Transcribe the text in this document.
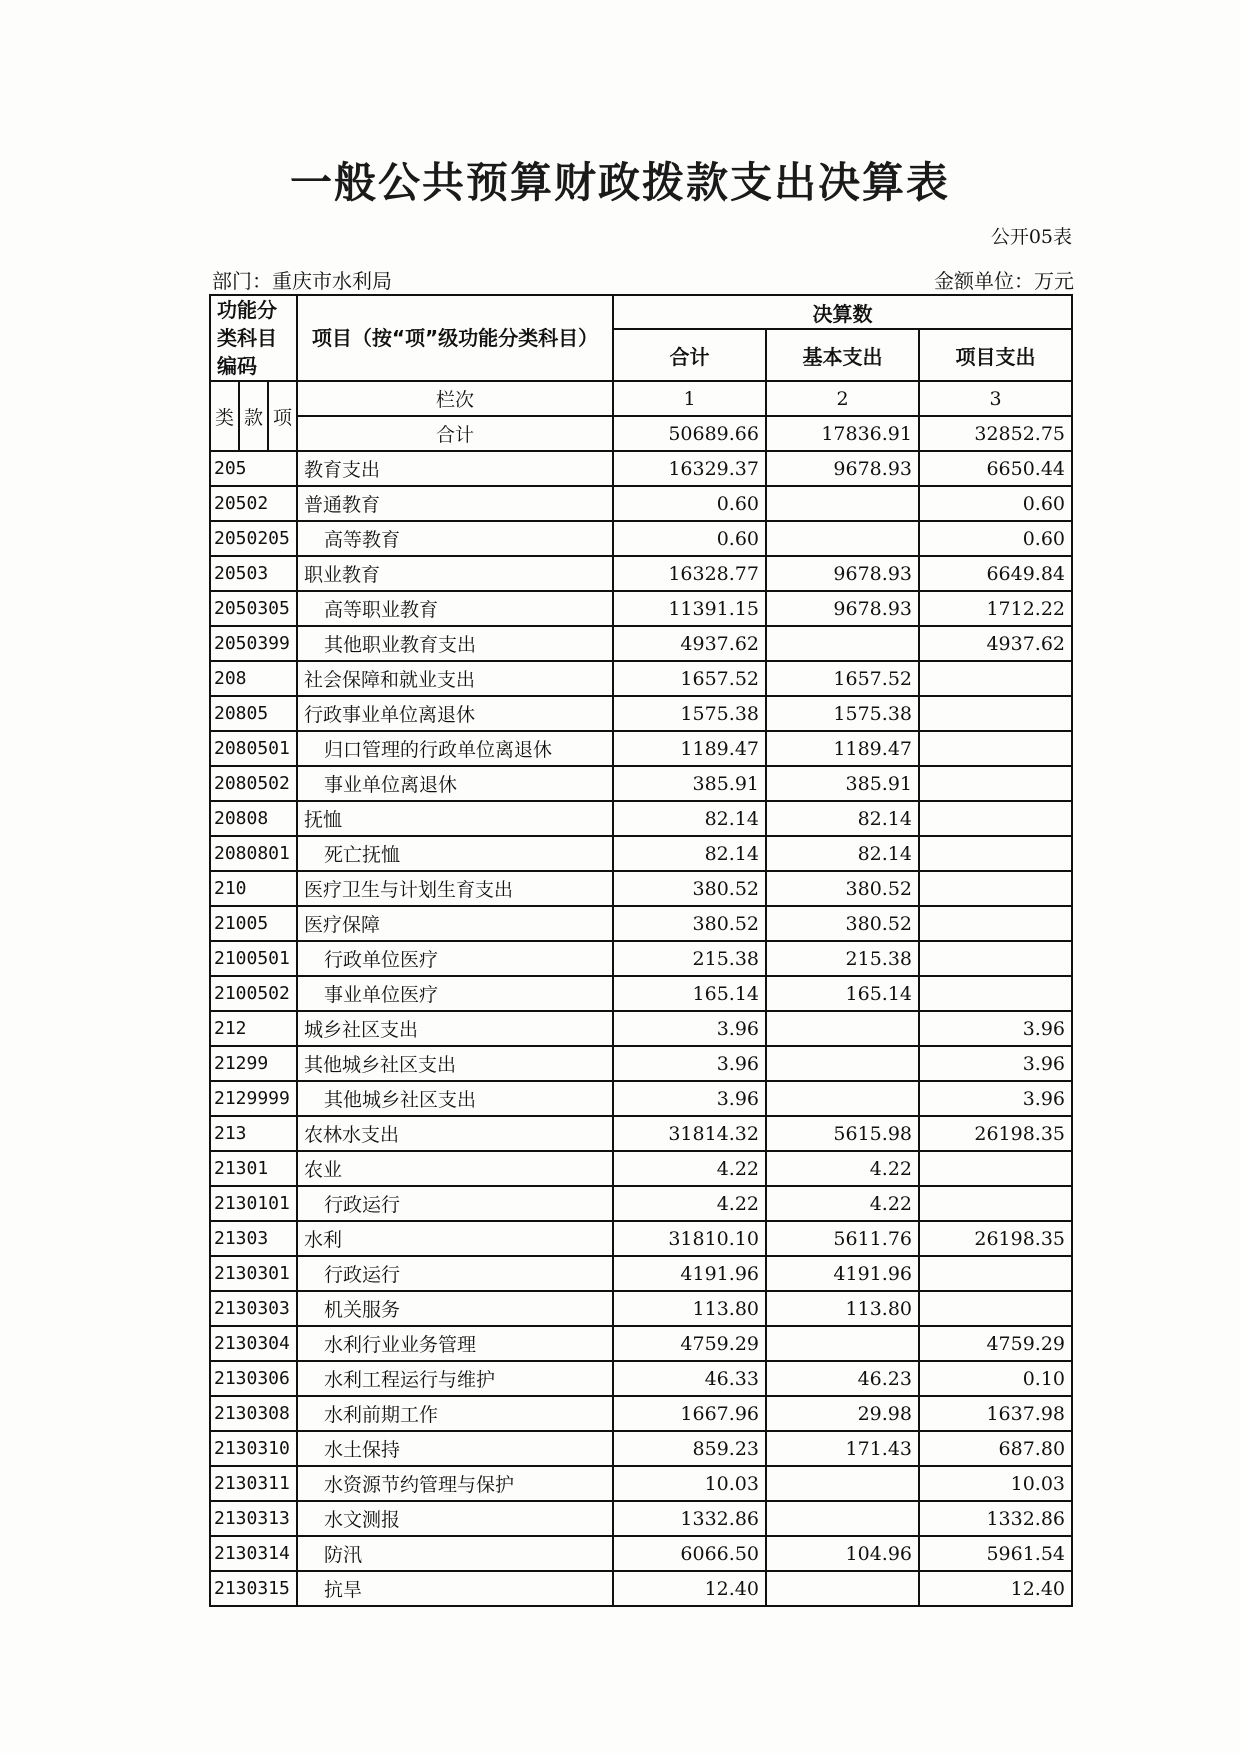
一般公共预算财政拨款支出决算表
公开05表
部门：重庆市水利局	金额单位：万元
功能分类科目编码			项目（按“项”级功能分类科目）	决算数		
				合计	基本支出	项目支出
类	款	项	栏次	1	2	3
			合计	50689.66	17836.91	32852.75
205			教育支出	16329.37	9678.93	6650.44
20502			普通教育	0.60		0.60
2050205			高等教育	0.60		0.60
20503			职业教育	16328.77	9678.93	6649.84
2050305			高等职业教育	11391.15	9678.93	1712.22
2050399			其他职业教育支出	4937.62		4937.62
208			社会保障和就业支出	1657.52	1657.52	
20805			行政事业单位离退休	1575.38	1575.38	
2080501			归口管理的行政单位离退休	1189.47	1189.47	
2080502			事业单位离退休	385.91	385.91	
20808			抚恤	82.14	82.14	
2080801			死亡抚恤	82.14	82.14	
210			医疗卫生与计划生育支出	380.52	380.52	
21005			医疗保障	380.52	380.52	
2100501			行政单位医疗	215.38	215.38	
2100502			事业单位医疗	165.14	165.14	
212			城乡社区支出	3.96		3.96
21299			其他城乡社区支出	3.96		3.96
2129999			其他城乡社区支出	3.96		3.96
213			农林水支出	31814.32	5615.98	26198.35
21301			农业	4.22	4.22	
2130101			行政运行	4.22	4.22	
21303			水利	31810.10	5611.76	26198.35
2130301			行政运行	4191.96	4191.96	
2130303			机关服务	113.80	113.80	
2130304			水利行业业务管理	4759.29		4759.29
2130306			水利工程运行与维护	46.33	46.23	0.10
2130308			水利前期工作	1667.96	29.98	1637.98
2130310			水土保持	859.23	171.43	687.80
2130311			水资源节约管理与保护	10.03		10.03
2130313			水文测报	1332.86		1332.86
2130314			防汛	6066.50	104.96	5961.54
2130315			抗旱	12.40		12.40
